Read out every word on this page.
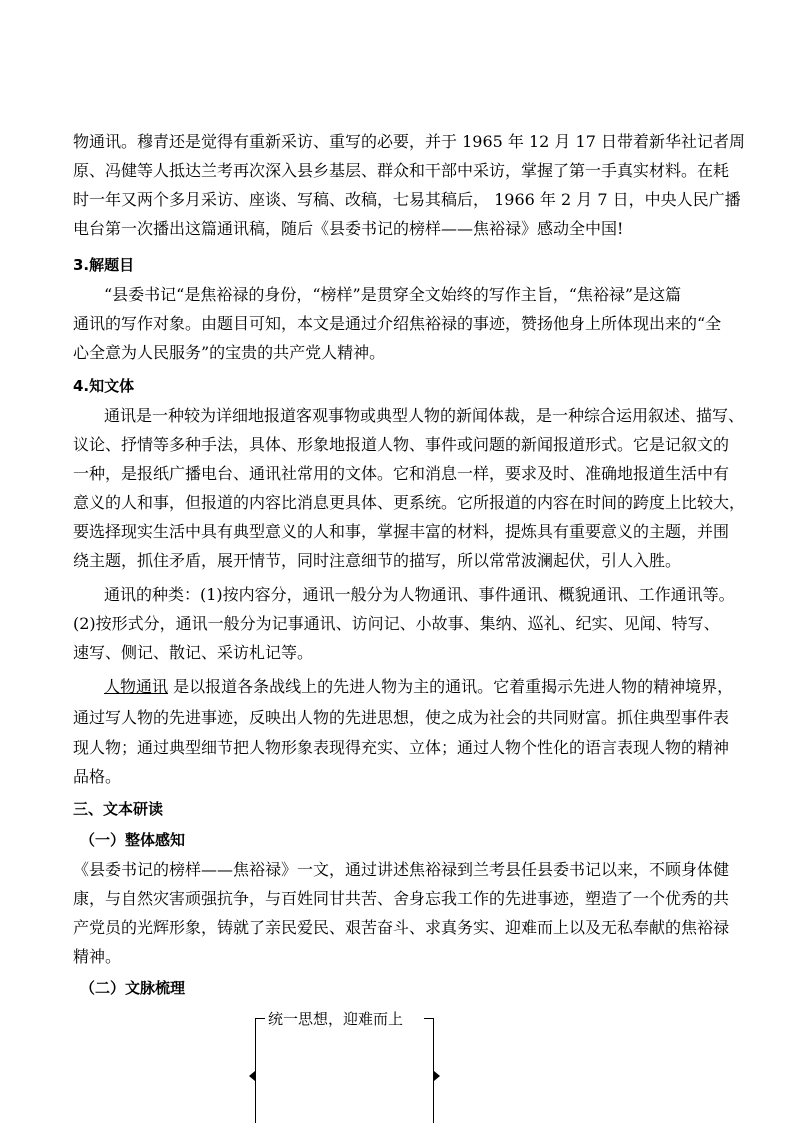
物通讯。穆青还是觉得有重新采访、重写的必要，并于 1965 年 12 月 17 日带着新华社记者周
原、冯健等人抵达兰考再次深入县乡基层、群众和干部中采访，掌握了第一手真实材料。在耗
时一年又两个多月采访、座谈、写稿、改稿，七易其稿后， 1966 年 2 月 7 日，中央人民广播
电台第一次播出这篇通讯稿，随后《县委书记的榜样——焦裕禄》感动全中国!
3.解题目
“县委书记“是焦裕禄的身份，“榜样”是贯穿全文始终的写作主旨，“焦裕禄”是这篇
通讯的写作对象。由题目可知，本文是通过介绍焦裕禄的事迹，赞扬他身上所体现出来的“全
心全意为人民服务”的宝贵的共产党人精神。
4.知文体
通讯是一种较为详细地报道客观事物或典型人物的新闻体裁，是一种综合运用叙述、描写、
议论、抒情等多种手法，具体、形象地报道人物、事件或问题的新闻报道形式。它是记叙文的
一种，是报纸广播电台、通讯社常用的文体。它和消息一样，要求及时、准确地报道生活中有
意义的人和事，但报道的内容比消息更具体、更系统。它所报道的内容在时间的跨度上比较大，
要选择现实生活中具有典型意义的人和事，掌握丰富的材料，提炼具有重要意义的主题，并围
绕主题，抓住矛盾，展开情节，同时注意细节的描写，所以常常波澜起伏，引人入胜。
通讯的种类：(1)按内容分，通讯一般分为人物通讯、事件通讯、概貌通讯、工作通讯等。
(2)按形式分，通讯一般分为记事通讯、访问记、小故事、集纳、巡礼、纪实、见闻、特写、
速写、侧记、散记、采访札记等。
人物通讯 是以报道各条战线上的先进人物为主的通讯。它着重揭示先进人物的精神境界，
通过写人物的先进事迹，反映出人物的先进思想，使之成为社会的共同财富。抓住典型事件表
现人物；通过典型细节把人物形象表现得充实、立体；通过人物个性化的语言表现人物的精神
品格。
三、文本研读
（一）整体感知
《县委书记的榜样——焦裕禄》一文，通过讲述焦裕禄到兰考县任县委书记以来，不顾身体健
康，与自然灾害顽强抗争，与百姓同甘共苦、舍身忘我工作的先进事迹，塑造了一个优秀的共
产党员的光辉形象，铸就了亲民爱民、艰苦奋斗、求真务实、迎难而上以及无私奉献的焦裕禄
精神。
统一思想，迎难而上
（二）文脉梳理
